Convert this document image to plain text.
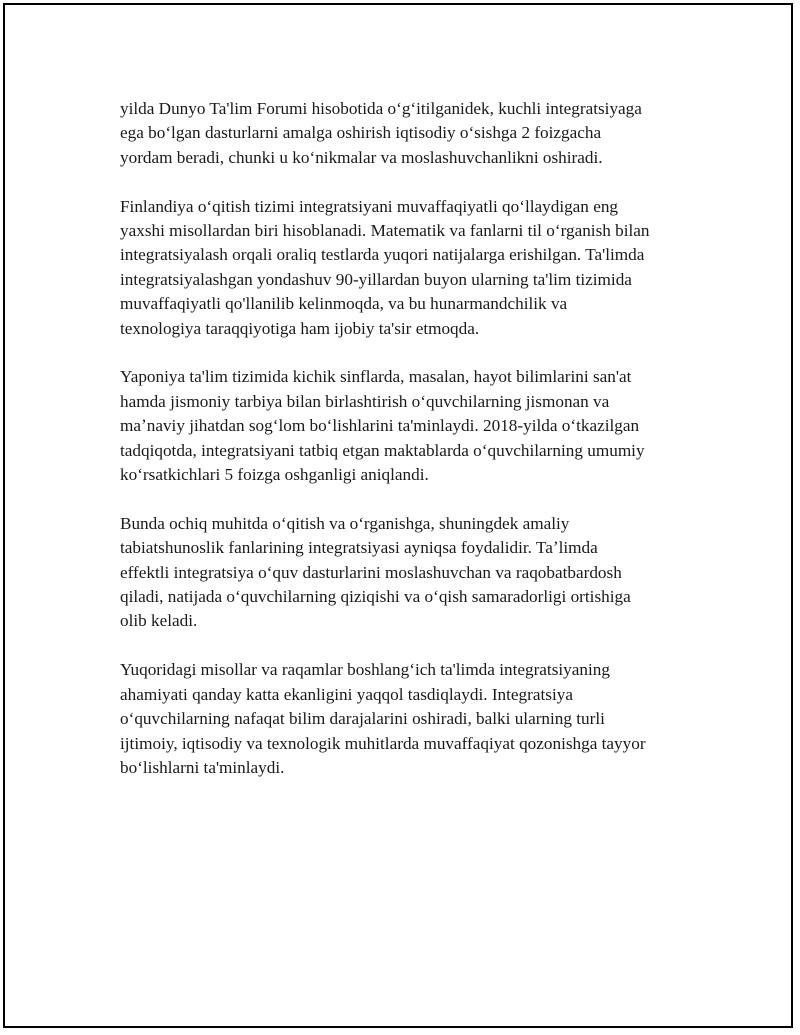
yilda Dunyo Ta'lim Forumi hisobotida oʻgʻitilganidek, kuchli integratsiyaga
ega boʻlgan dasturlarni amalga oshirish iqtisodiy oʻsishga 2 foizgacha
yordam beradi, chunki u koʻnikmalar va moslashuvchanlikni oshiradi.

Finlandiya oʻqitish tizimi integratsiyani muvaffaqiyatli qoʻllaydigan eng
yaxshi misollardan biri hisoblanadi. Matematik va fanlarni til oʻrganish bilan
integratsiyalash orqali oraliq testlarda yuqori natijalarga erishilgan. Ta'limda
integratsiyalashgan yondashuv 90-yillardan buyon ularning ta'lim tizimida
muvaffaqiyatli qo'llanilib kelinmoqda, va bu hunarmandchilik va
texnologiya taraqqiyotiga ham ijobiy ta'sir etmoqda.

Yaponiya ta'lim tizimida kichik sinflarda, masalan, hayot bilimlarini san'at
hamda jismoniy tarbiya bilan birlashtirish oʻquvchilarning jismonan va
maʼnaviy jihatdan sogʻlom boʻlishlarini ta'minlaydi. 2018-yilda oʻtkazilgan
tadqiqotda, integratsiyani tatbiq etgan maktablarda oʻquvchilarning umumiy
koʻrsatkichlari 5 foizga oshganligi aniqlandi.

Bunda ochiq muhitda oʻqitish va oʻrganishga, shuningdek amaliy
tabiatshunoslik fanlarining integratsiyasi ayniqsa foydalidir. Taʼlimda
effektli integratsiya oʻquv dasturlarini moslashuvchan va raqobatbardosh
qiladi, natijada oʻquvchilarning qiziqishi va oʻqish samaradorligi ortishiga
olib keladi.

Yuqoridagi misollar va raqamlar boshlangʻich ta'limda integratsiyaning
ahamiyati qanday katta ekanligini yaqqol tasdiqlaydi. Integratsiya
oʻquvchilarning nafaqat bilim darajalarini oshiradi, balki ularning turli
ijtimoiy, iqtisodiy va texnologik muhitlarda muvaffaqiyat qozonishga tayyor
boʻlishlarni ta'minlaydi.
